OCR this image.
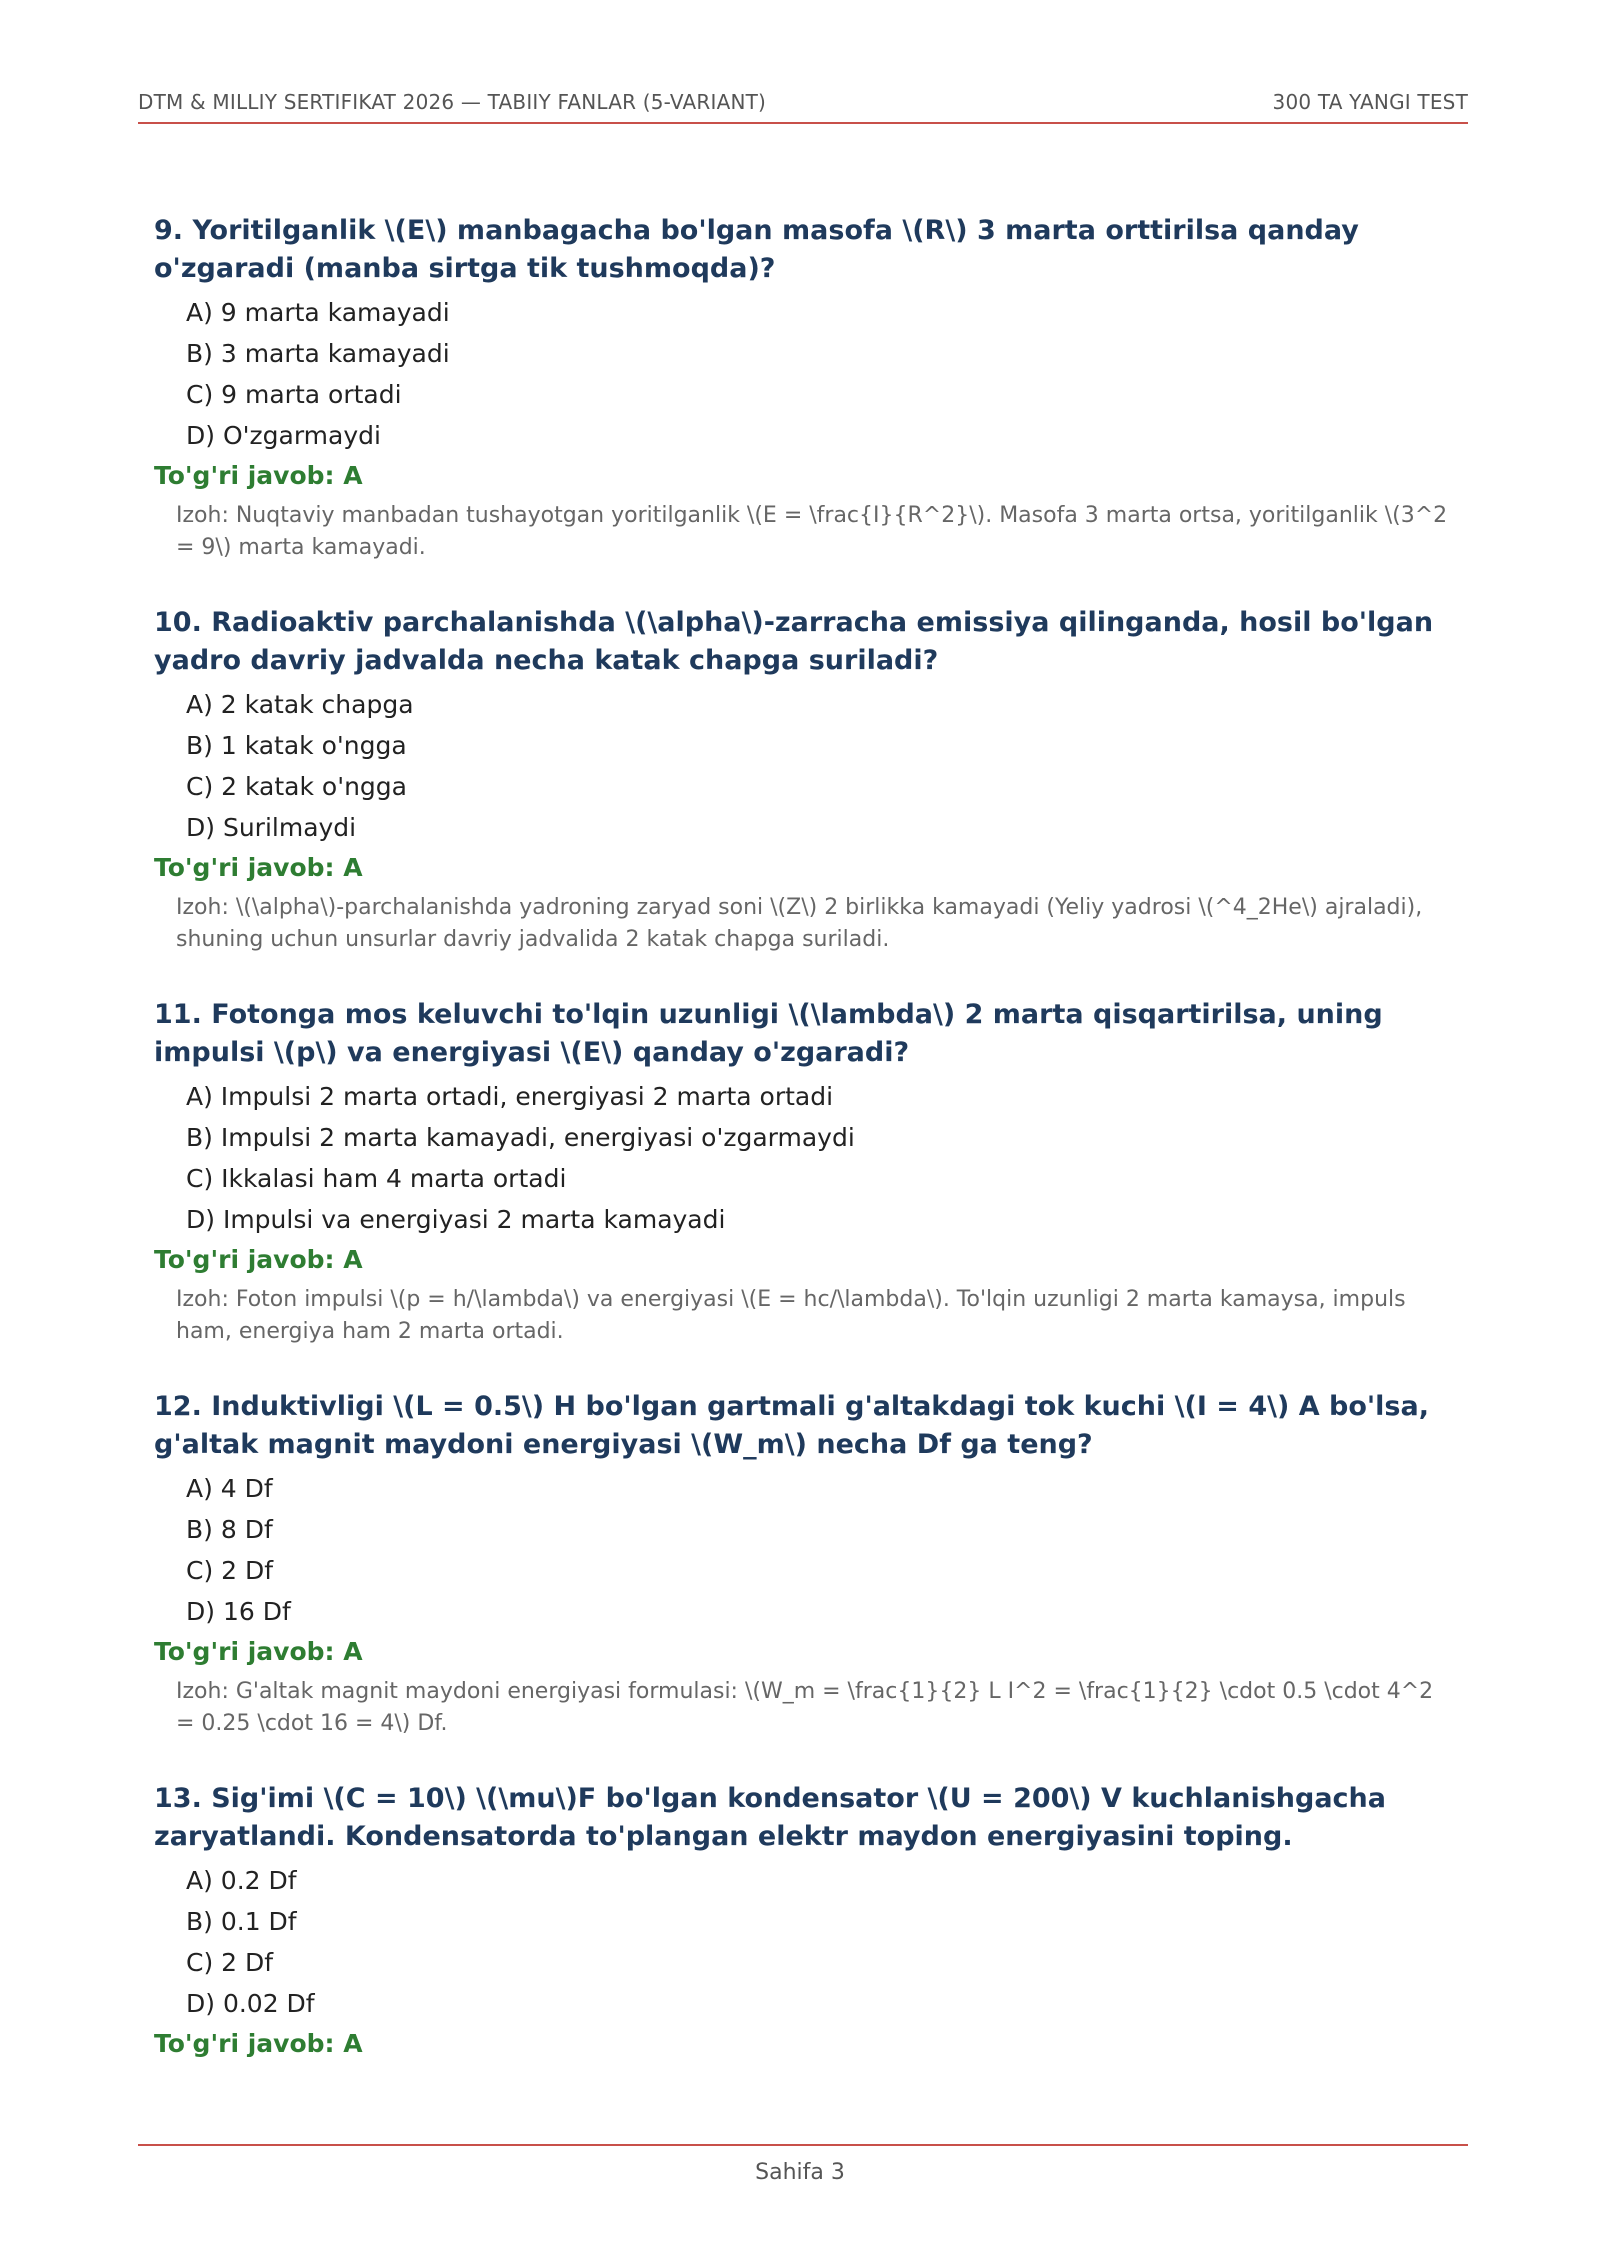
DTM & MILLIY SERTIFIKAT 2026 — TABIIY FANLAR (5-VARIANT)	300 TA YANGI TEST

9. Yoritilganlik \(E\) manbagacha bo'lgan masofa \(R\) 3 marta orttirilsa qanday o'zgaradi (manba sirtga tik tushmoqda)?

A) 9 marta kamayadi
B) 3 marta kamayadi
C) 9 marta ortadi
D) O'zgarmaydi
To'g'ri javob: A
Izoh: Nuqtaviy manbadan tushayotgan yoritilganlik \(E = \frac{I}{R^2}\). Masofa 3 marta ortsa, yoritilganlik \(3^2 = 9\) marta kamayadi.

10. Radioaktiv parchalanishda \(\alpha\)-zarracha emissiya qilinganda, hosil bo'lgan yadro davriy jadvalda necha katak chapga suriladi?

A) 2 katak chapga
B) 1 katak o'ngga
C) 2 katak o'ngga
D) Surilmaydi
To'g'ri javob: A
Izoh: \(\alpha\)-parchalanishda yadroning zaryad soni \(Z\) 2 birlikka kamayadi (Yeliy yadrosi \(^4_2He\) ajraladi), shuning uchun unsurlar davriy jadvalida 2 katak chapga suriladi.

11. Fotonga mos keluvchi to'lqin uzunligi \(\lambda\) 2 marta qisqartirilsa, uning impulsi \(p\) va energiyasi \(E\) qanday o'zgaradi?

A) Impulsi 2 marta ortadi, energiyasi 2 marta ortadi
B) Impulsi 2 marta kamayadi, energiyasi o'zgarmaydi
C) Ikkalasi ham 4 marta ortadi
D) Impulsi va energiyasi 2 marta kamayadi
To'g'ri javob: A
Izoh: Foton impulsi \(p = h/\lambda\) va energiyasi \(E = hc/\lambda\). To'lqin uzunligi 2 marta kamaysa, impuls ham, energiya ham 2 marta ortadi.

12. Induktivligi \(L = 0.5\) H bo'lgan gartmali g'altakdagi tok kuchi \(I = 4\) A bo'lsa, g'altak magnit maydoni energiyasi \(W_m\) necha Df ga teng?

A) 4 Df
B) 8 Df
C) 2 Df
D) 16 Df
To'g'ri javob: A
Izoh: G'altak magnit maydoni energiyasi formulasi: \(W_m = \frac{1}{2} L I^2 = \frac{1}{2} \cdot 0.5 \cdot 4^2 = 0.25 \cdot 16 = 4\) Df.

13. Sig'imi \(C = 10\) \(\mu\)F bo'lgan kondensator \(U = 200\) V kuchlanishgacha zaryatlandi. Kondensatorda to'plangan elektr maydon energiyasini toping.

A) 0.2 Df
B) 0.1 Df
C) 2 Df
D) 0.02 Df
To'g'ri javob: A
Sahifa 3
